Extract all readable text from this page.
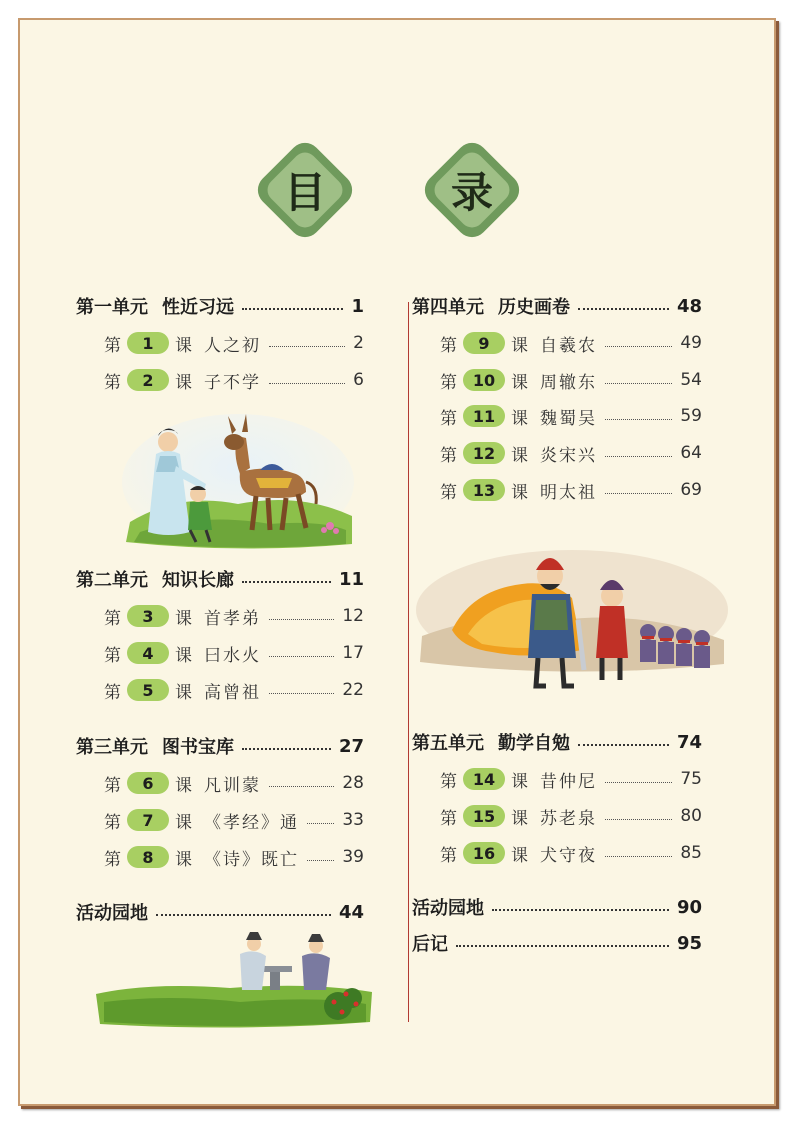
目	录
第一单元 性近习远	1
第	1	课 人之初	2
第	2	课 子不学	6
第二单元 知识长廊	11
第	3	课 首孝弟	12
第	4	课 曰水火	17
第	5	课 高曾祖	22
第三单元 图书宝库	27
第	6	课 凡训蒙	28
第	7	课 《孝经》通	33
第	8	课 《诗》既亡	39
活动园地	44
第四单元 历史画卷	48
第	9	课 自羲农	49
第 10 课 周辙东	54
第 11 课 魏蜀吴	59
第 12 课 炎宋兴	64
第 13 课 明太祖	69
第五单元 勤学自勉	74
第 14 课 昔仲尼	75
第 15 课 苏老泉	80
第 16 课 犬守夜	85
活动园地	90
后记	95
